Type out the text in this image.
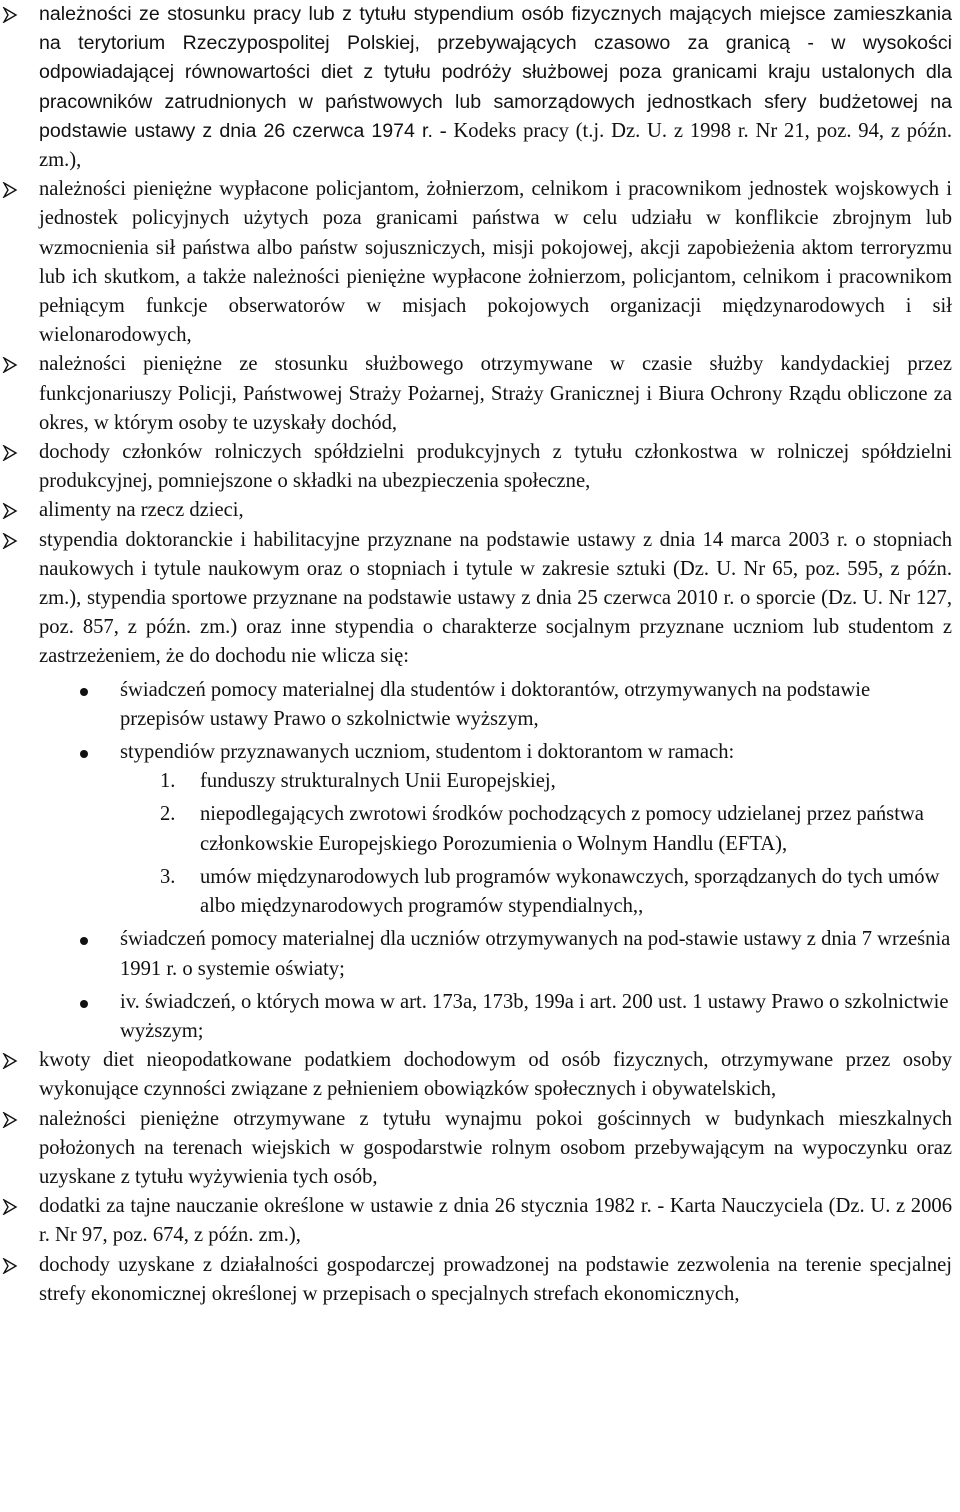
należności ze stosunku pracy lub z tytułu stypendium osób fizycznych mających miejsce zamieszkania na terytorium Rzeczypospolitej Polskiej, przebywających czasowo za granicą - w wysokości odpowiadającej równowartości diet z tytułu podróży służbowej poza granicami kraju ustalonych dla pracowników zatrudnionych w państwowych lub samorządowych jednostkach sfery budżetowej na podstawie ustawy z dnia 26 czerwca 1974 r. - Kodeks pracy (t.j. Dz. U. z 1998 r. Nr 21, poz. 94, z późn. zm.),
należności pieniężne wypłacone policjantom, żołnierzom, celnikom i pracownikom jednostek wojskowych i jednostek policyjnych użytych poza granicami państwa w celu udziału w konflikcie zbrojnym lub wzmocnienia sił państwa albo państw sojuszniczych, misji pokojowej, akcji zapobieżenia aktom terroryzmu lub ich skutkom, a także należności pieniężne wypłacone żołnierzom, policjantom, celnikom i pracownikom pełniącym funkcje obserwatorów w misjach pokojowych organizacji międzynarodowych i sił wielonarodowych,
należności pieniężne ze stosunku służbowego otrzymywane w czasie służby kandydackiej przez funkcjonariuszy Policji, Państwowej Straży Pożarnej, Straży Granicznej i Biura Ochrony Rządu obliczone za okres, w którym osoby te uzyskały dochód,
dochody członków rolniczych spółdzielni produkcyjnych z tytułu członkostwa w rolniczej spółdzielni produkcyjnej, pomniejszone o składki na ubezpieczenia społeczne,
alimenty na rzecz dzieci,
stypendia doktoranckie i habilitacyjne przyznane na podstawie ustawy z dnia 14 marca 2003 r. o stopniach naukowych i tytule naukowym oraz o stopniach i tytule w zakresie sztuki (Dz. U. Nr 65, poz. 595, z późn. zm.), stypendia sportowe przyznane na podstawie ustawy z dnia 25 czerwca 2010 r. o sporcie (Dz. U. Nr 127, poz. 857, z późn. zm.) oraz inne stypendia o charakterze socjalnym przyznane uczniom lub studentom z zastrzeżeniem, że do dochodu nie wlicza się:
świadczeń pomocy materialnej dla studentów i doktorantów, otrzymywanych na podstawie przepisów ustawy Prawo o szkolnictwie wyższym,
stypendiów przyznawanych uczniom, studentom i doktorantom w ramach:
1. funduszy strukturalnych Unii Europejskiej,
2. niepodlegających zwrotowi środków pochodzących z pomocy udzielanej przez państwa członkowskie Europejskiego Porozumienia o Wolnym Handlu (EFTA),
3. umów międzynarodowych lub programów wykonawczych, sporządzanych do tych umów albo międzynarodowych programów stypendialnych,,
świadczeń pomocy materialnej dla uczniów otrzymywanych na pod-stawie ustawy z dnia 7 września 1991 r. o systemie oświaty;
iv. świadczeń, o których mowa w art. 173a, 173b, 199a i art. 200 ust. 1 ustawy Prawo o szkolnictwie wyższym;
kwoty diet nieopodatkowane podatkiem dochodowym od osób fizycznych, otrzymywane przez osoby wykonujące czynności związane z pełnieniem obowiązków społecznych i obywatelskich,
należności pieniężne otrzymywane z tytułu wynajmu pokoi gościnnych w budynkach mieszkalnych położonych na terenach wiejskich w gospodarstwie rolnym osobom przebywającym na wypoczynku oraz uzyskane z tytułu wyżywienia tych osób,
dodatki za tajne nauczanie określone w ustawie z dnia 26 stycznia 1982 r. - Karta Nauczyciela (Dz. U. z 2006 r. Nr 97, poz. 674, z późn. zm.),
dochody uzyskane z działalności gospodarczej prowadzonej na podstawie zezwolenia na terenie specjalnej strefy ekonomicznej określonej w przepisach o specjalnych strefach ekonomicznych,
